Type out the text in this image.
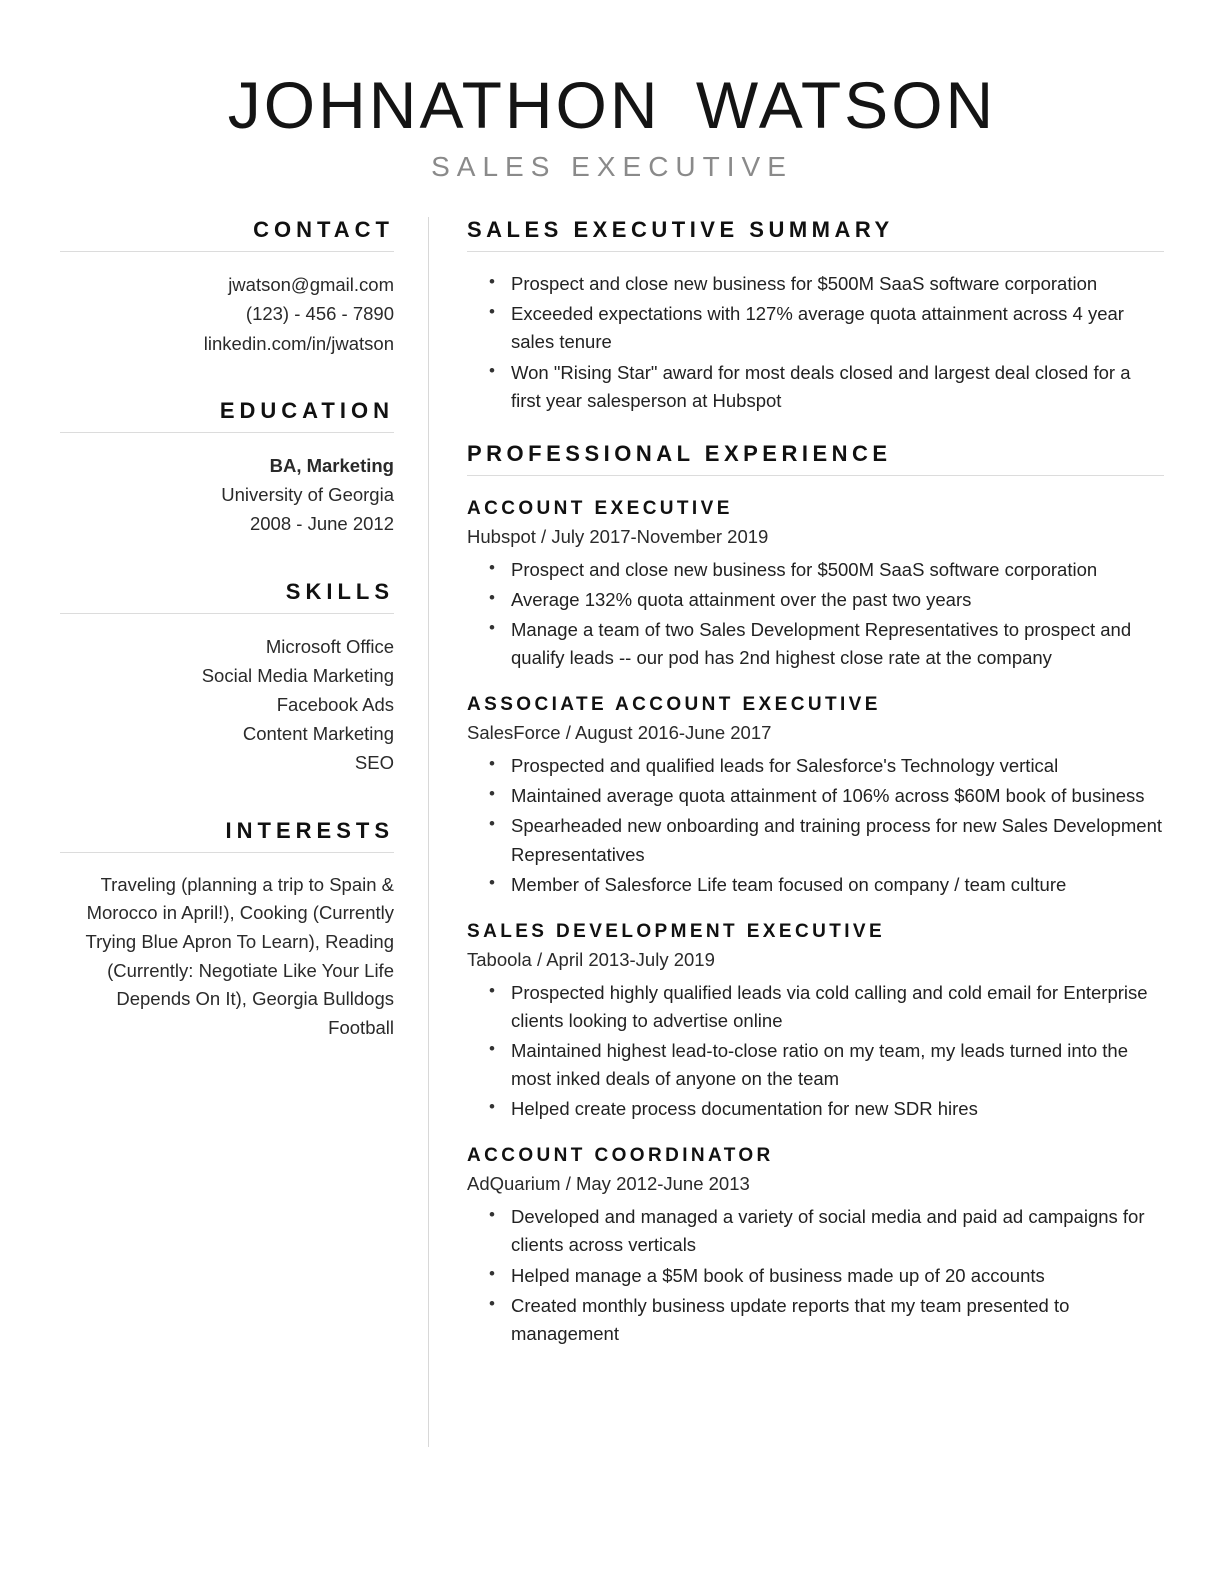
JOHNATHON WATSON
SALES EXECUTIVE
CONTACT
jwatson@gmail.com
(123) - 456 - 7890
linkedin.com/in/jwatson
EDUCATION
BA, Marketing
University of Georgia
2008 - June 2012
SKILLS
Microsoft Office
Social Media Marketing
Facebook Ads
Content Marketing
SEO
INTERESTS
Traveling (planning a trip to Spain & Morocco in April!), Cooking (Currently Trying Blue Apron To Learn), Reading (Currently: Negotiate Like Your Life Depends On It), Georgia Bulldogs Football
SALES EXECUTIVE SUMMARY
• Prospect and close new business for $500M SaaS software corporation
• Exceeded expectations with 127% average quota attainment across 4 year sales tenure
• Won "Rising Star" award for most deals closed and largest deal closed for a first year salesperson at Hubspot
PROFESSIONAL EXPERIENCE
ACCOUNT EXECUTIVE
Hubspot / July 2017-November 2019
• Prospect and close new business for $500M SaaS software corporation
• Average 132% quota attainment over the past two years
• Manage a team of two Sales Development Representatives to prospect and qualify leads -- our pod has 2nd highest close rate at the company
ASSOCIATE ACCOUNT EXECUTIVE
SalesForce / August 2016-June 2017
• Prospected and qualified leads for Salesforce's Technology vertical
• Maintained average quota attainment of 106% across $60M book of business
• Spearheaded new onboarding and training process for new Sales Development Representatives
• Member of Salesforce Life team focused on company / team culture
SALES DEVELOPMENT EXECUTIVE
Taboola / April 2013-July 2019
• Prospected highly qualified leads via cold calling and cold email for Enterprise clients looking to advertise online
• Maintained highest lead-to-close ratio on my team, my leads turned into the most inked deals of anyone on the team
• Helped create process documentation for new SDR hires
ACCOUNT COORDINATOR
AdQuarium / May 2012-June 2013
• Developed and managed a variety of social media and paid ad campaigns for clients across verticals
• Helped manage a $5M book of business made up of 20 accounts
• Created monthly business update reports that my team presented to management
